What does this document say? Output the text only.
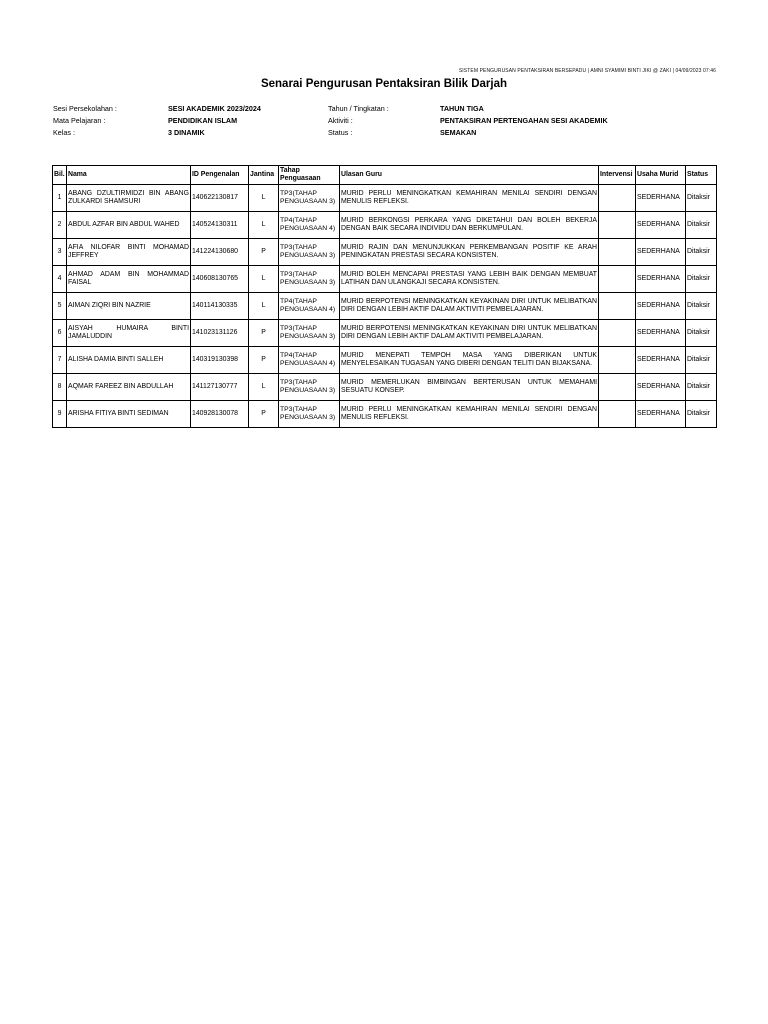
SISTEM PENGURUSAN PENTAKSIRAN BERSEPADU | AMNI SYAMIMI BINTI JIKI @ ZAKI | 04/09/2023 07:46
Senarai Pengurusan Pentaksiran Bilik Darjah
Sesi Persekolahan :	SESI AKADEMIK 2023/2024	Tahun / Tingkatan :	TAHUN TIGA
Mata Pelajaran :	PENDIDIKAN ISLAM	Aktiviti :	PENTAKSIRAN PERTENGAHAN SESI AKADEMIK
Kelas :	3 DINAMIK	Status :	SEMAKAN
Bil.	Nama	ID Pengenalan	Jantina	Tahap Penguasaan	Ulasan Guru	Intervensi	Usaha Murid	Status
1	ABANG DZULTIRMIDZI BIN ABANG ZULKARDI SHAMSURI	140622130817	L	TP3(TAHAP PENGUASAAN 3)	MURID PERLU MENINGKATKAN KEMAHIRAN MENILAI SENDIRI DENGAN MENULIS REFLEKSI.		SEDERHANA	Ditaksir
2	ABDUL AZFAR BIN ABDUL WAHED	140524130311	L	TP4(TAHAP PENGUASAAN 4)	MURID BERKONGSI PERKARA YANG DIKETAHUI DAN BOLEH BEKERJA DENGAN BAIK SECARA INDIVIDU DAN BERKUMPULAN.		SEDERHANA	Ditaksir
3	AFIA NILOFAR BINTI MOHAMAD JEFFREY	141224130680	P	TP3(TAHAP PENGUASAAN 3)	MURID RAJIN DAN MENUNJUKKAN PERKEMBANGAN POSITIF KE ARAH PENINGKATAN PRESTASI SECARA KONSISTEN.		SEDERHANA	Ditaksir
4	AHMAD ADAM BIN MOHAMMAD FAISAL	140608130765	L	TP3(TAHAP PENGUASAAN 3)	MURID BOLEH MENCAPAI PRESTASI YANG LEBIH BAIK DENGAN MEMBUAT LATIHAN DAN ULANGKAJI SECARA KONSISTEN.		SEDERHANA	Ditaksir
5	AIMAN ZIQRI BIN NAZRIE	140114130335	L	TP4(TAHAP PENGUASAAN 4)	MURID BERPOTENSI MENINGKATKAN KEYAKINAN DIRI UNTUK MELIBATKAN DIRI DENGAN LEBIH AKTIF DALAM AKTIVITI PEMBELAJARAN.		SEDERHANA	Ditaksir
6	AISYAH HUMAIRA BINTI JAMALUDDIN	141023131126	P	TP3(TAHAP PENGUASAAN 3)	MURID BERPOTENSI MENINGKATKAN KEYAKINAN DIRI UNTUK MELIBATKAN DIRI DENGAN LEBIH AKTIF DALAM AKTIVITI PEMBELAJARAN.		SEDERHANA	Ditaksir
7	ALISHA DAMIA BINTI SALLEH	140319130398	P	TP4(TAHAP PENGUASAAN 4)	MURID MENEPATI TEMPOH MASA YANG DIBERIKAN UNTUK MENYELESAIKAN TUGASAN YANG DIBERI DENGAN TELITI DAN BIJAKSANA.		SEDERHANA	Ditaksir
8	AQMAR FAREEZ BIN ABDULLAH	141127130777	L	TP3(TAHAP PENGUASAAN 3)	MURID MEMERLUKAN BIMBINGAN BERTERUSAN UNTUK MEMAHAMI SESUATU KONSEP.		SEDERHANA	Ditaksir
9	ARISHA FITIYA BINTI SEDIMAN	140928130078	P	TP3(TAHAP PENGUASAAN 3)	MURID PERLU MENINGKATKAN KEMAHIRAN MENILAI SENDIRI DENGAN MENULIS REFLEKSI.		SEDERHANA	Ditaksir
